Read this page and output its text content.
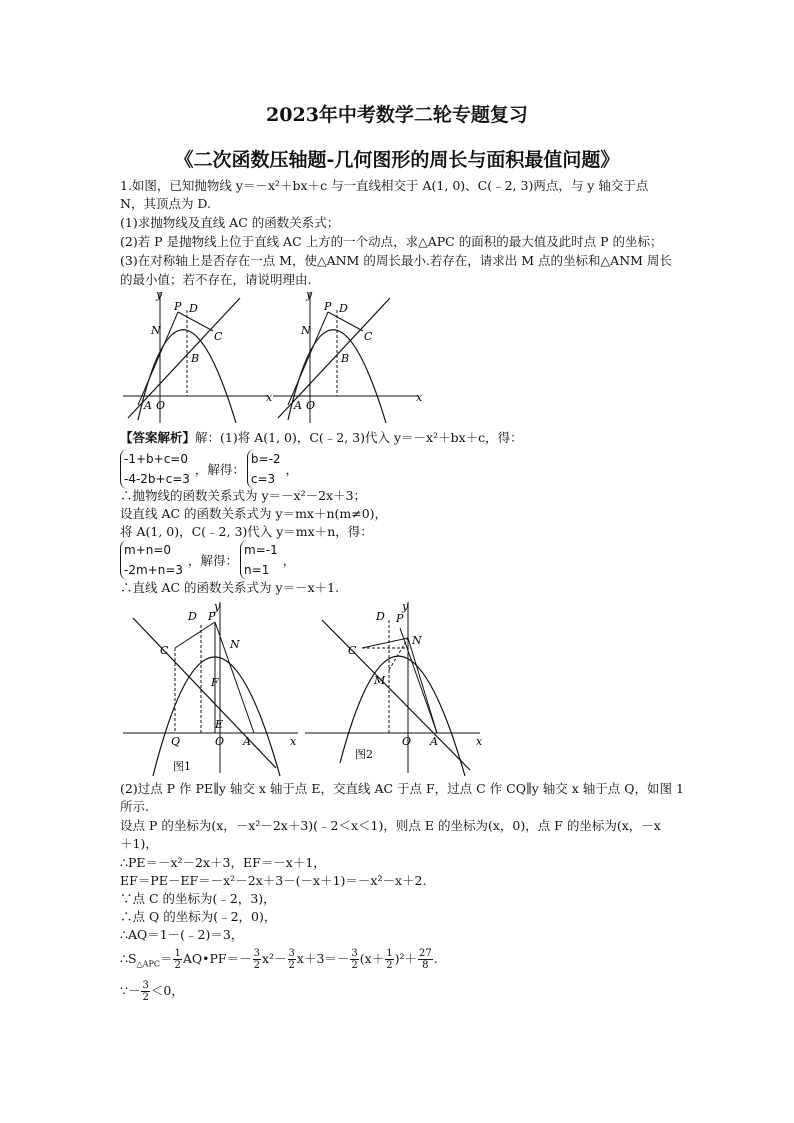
2023年中考数学二轮专题复习
《二次函数压轴题-几何图形的周长与面积最值问题》
1.如图，已知抛物线 y＝－x²＋bx＋c 与一直线相交于 A(1, 0)、C(﹣2, 3)两点，与 y 轴交于点
N，其顶点为 D.
(1)求抛物线及直线 AC 的函数关系式；
(2)若 P 是抛物线上位于直线 AC 上方的一个动点，求△APC 的面积的最大值及此时点 P 的坐标；
(3)在对称轴上是否存在一点 M，使△ANM 的周长最小.若存在，请求出 M 点的坐标和△ANM 周长
的最小值；若不存在，请说明理由.
y
x
P D
N	C
B
A O
y
x
P D
N	C
B
A O
【答案解析】解：(1)将 A(1, 0)，C(﹣2, 3)代入 y＝－x²＋bx＋c，得：
-1+b+c=0
-4-2b+c=3
，解得：
b=-2
c=3
，
∴抛物线的函数关系式为 y＝－x²－2x＋3；
设直线 AC 的函数关系式为 y＝mx＋n(m≠0)，
将 A(1, 0)，C(﹣2, 3)代入 y＝mx＋n，得：
m+n=0
-2m+n=3
，解得：
m=-1
n=1
，
∴直线 AC 的函数关系式为 y＝－x＋1.
y
x
D P
N
C
F
E
Q	O A
图1
y
x
D P
N
C
M
O A
图2
(2)过点 P 作 PE∥y 轴交 x 轴于点 E，交直线 AC 于点 F，过点 C 作 CQ∥y 轴交 x 轴于点 Q，如图 1
所示.
设点 P 的坐标为(x，－x²－2x＋3)(﹣2＜x＜1)，则点 E 的坐标为(x，0)，点 F 的坐标为(x，－x
＋1)，
∴PE＝－x²－2x＋3，EF＝－x＋1，
EF＝PE－EF＝－x²－2x＋3－(－x＋1)＝－x²－x＋2.
∵点 C 的坐标为(﹣2，3)，
∴点 Q 的坐标为(﹣2，0)，
∴AQ＝1－(﹣2)＝3，
$\therefore S_{\triangle APC}= \frac{1}{2}$ AQ•PF＝－ $\frac{3}{2} x^2- \frac{3}{2} x+3=- \frac{3}{2} (x+ \frac{1}{2} )^2+ \frac{27}{8}$ .
∵－ $\frac{3}{2} <0$，
